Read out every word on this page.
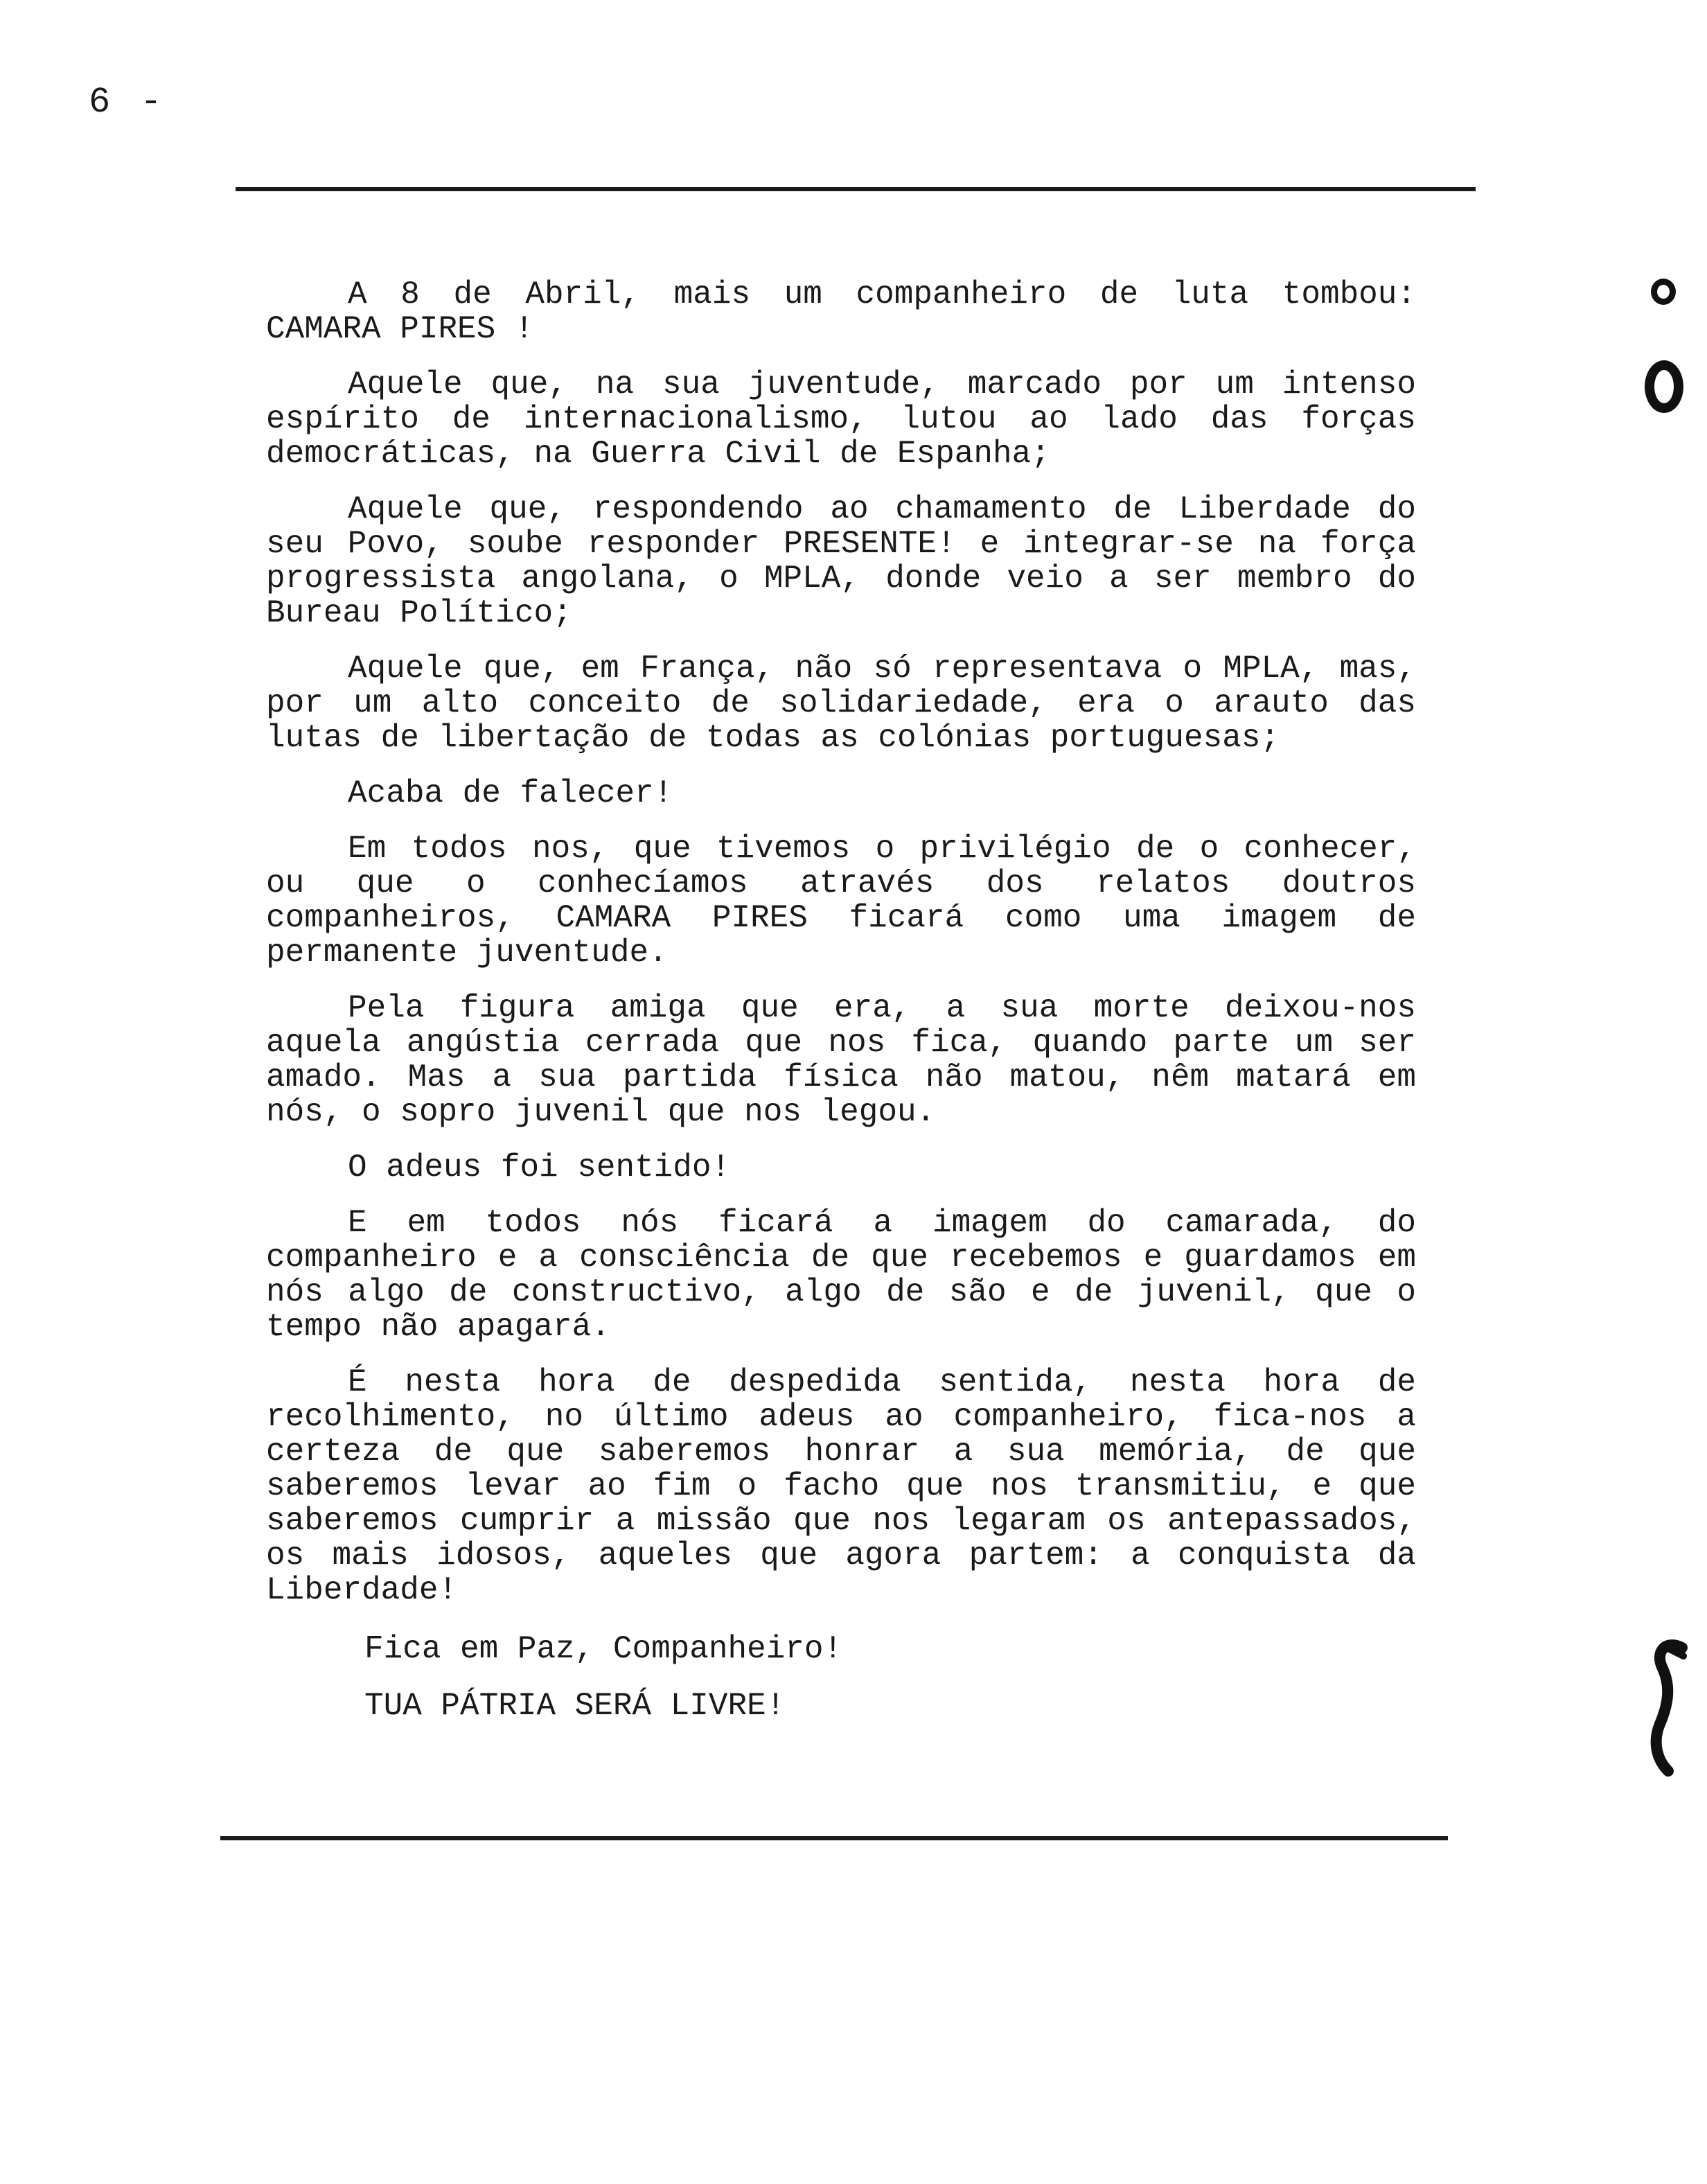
6 -

A 8 de Abril, mais um companheiro de luta tombou: CAMARA PIRES !

Aquele que, na sua juventude, marcado por um intenso espírito de internacionalismo, lutou ao lado das forças democráticas, na Guerra Civil de Espanha;

Aquele que, respondendo ao chamamento de Liberdade do seu Povo, soube responder PRESENTE! e integrar-se na força progressista angolana, o MPLA, donde veio a ser membro do Bureau Político;

Aquele que, em França, não só representava o MPLA, mas, por um alto conceito de solidariedade, era o arauto das lutas de libertação de todas as colónias portuguesas;

Acaba de falecer!

Em todos nos, que tivemos o privilégio de o conhecer, ou que o conhecíamos através dos relatos doutros companheiros, CAMARA PIRES ficará como uma imagem de permanente juventude.

Pela figura amiga que era, a sua morte deixou-nos aquela angústia cerrada que nos fica, quando parte um ser amado. Mas a sua partida física não matou, nêm matará em nós, o sopro juvenil que nos legou.

O adeus foi sentido!

E em todos nós ficará a imagem do camarada, do companheiro e a consciência de que recebemos e guardamos em nós algo de constructivo, algo de são e de juvenil, que o tempo não apagará.

É nesta hora de despedida sentida, nesta hora de recolhimento, no último adeus ao companheiro, fica-nos a certeza de que saberemos honrar a sua memória, de que saberemos levar ao fim o facho que nos transmitiu, e que saberemos cumprir a missão que nos legaram os antepassados, os mais idosos, aqueles que agora partem: a conquista da Liberdade!

Fica em Paz, Companheiro!

TUA PÁTRIA SERÁ LIVRE!
